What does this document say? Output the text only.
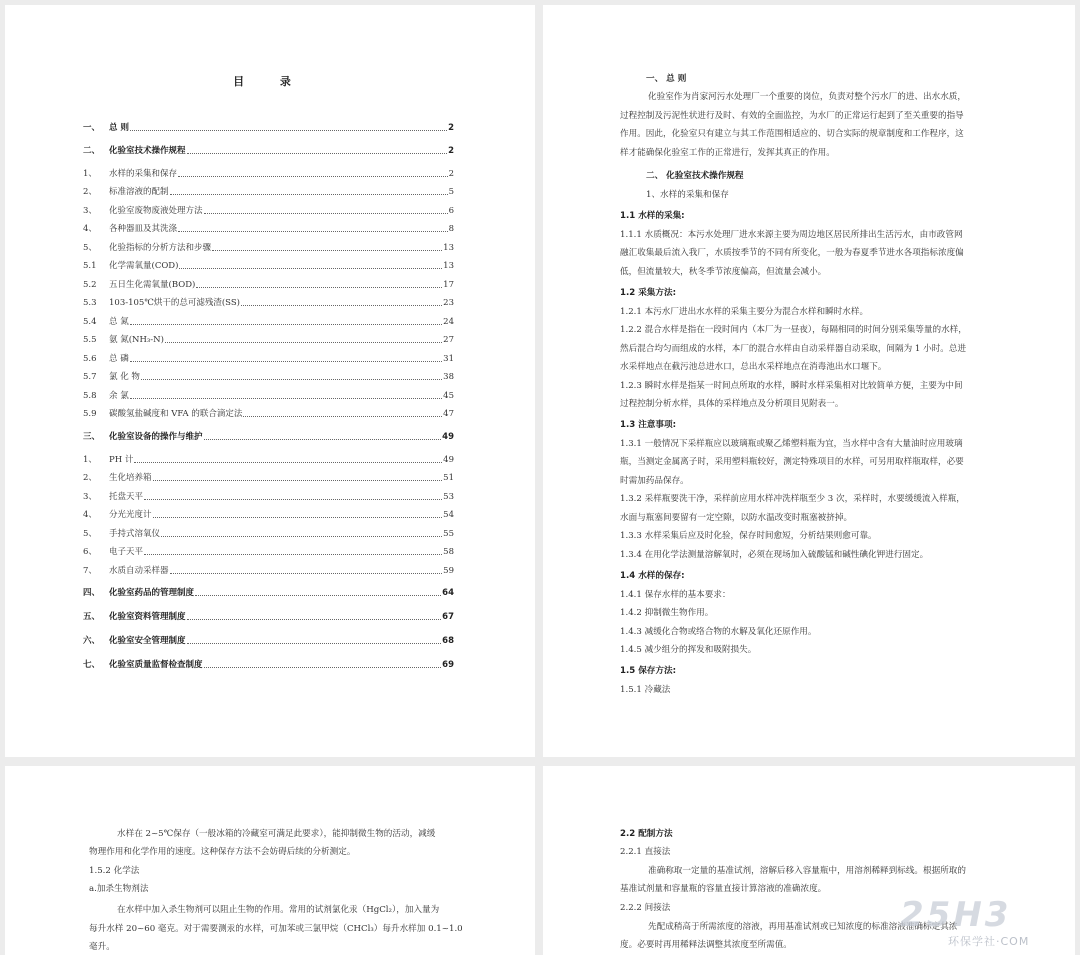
目 录
一、	总 则	2
二、	化验室技术操作规程	2
1、	水样的采集和保存	2
2、	标准溶液的配制	5
3、	化验室废物废液处理方法	6
4、	各种器皿及其洗涤	8
5、	化验指标的分析方法和步骤	13
5.1	化学需氧量(COD)	13
5.2	五日生化需氧量(BOD)	17
5.3	103-105℃烘干的总可滤残渣(SS)	23
5.4	总 氮	24
5.5	氨 氮(NH₃-N)	27
5.6	总 磷	31
5.7	氯 化 物	38
5.8	余 氯	45
5.9	碳酸氢盐碱度和 VFA 的联合滴定法	47
三、	化验室设备的操作与维护	49
1、	PH 计	49
2、	生化培养箱	51
3、	托盘天平	53
4、	分光光度计	54
5、	手持式溶氧仪	55
6、	电子天平	58
7、	水质自动采样器	59
四、	化验室药品的管理制度	64
五、	化验室资料管理制度	67
六、	化验室安全管理制度	68
七、	化验室质量监督检查制度	69
一、 总 则
化验室作为肖家河污水处理厂一个重要的岗位，负责对整个污水厂的进、出水水质，
过程控制及污泥性状进行及时、有效的全面监控，为水厂的正常运行起到了至关重要的指导
作用。因此，化验室只有建立与其工作范围相适应的、切合实际的规章制度和工作程序，这
样才能确保化验室工作的正常进行，发挥其真正的作用。
二、 化验室技术操作规程
1、水样的采集和保存
1.1 水样的采集:
1.1.1 水质概况：本污水处理厂进水来源主要为周边地区居民所排出生活污水，由市政管网
融汇收集最后流入我厂，水质按季节的不同有所变化，一般为春夏季节进水各项指标浓度偏
低，但流量较大，秋冬季节浓度偏高，但流量会减小。
1.2 采集方法:
1.2.1 本污水厂进出水水样的采集主要分为混合水样和瞬时水样。
1.2.2 混合水样是指在一段时间内（本厂为一昼夜），每隔相同的时间分别采集等量的水样，
然后混合均匀而组成的水样，本厂的混合水样由自动采样器自动采取，间隔为 1 小时。总进
水采样地点在截污池总进水口，总出水采样地点在消毒池出水口堰下。
1.2.3 瞬时水样是指某一时间点所取的水样，瞬时水样采集相对比较简单方便，主要为中间
过程控制分析水样，具体的采样地点及分析项目见附表一。
1.3 注意事项:
1.3.1 一般情况下采样瓶应以玻璃瓶或聚乙烯塑料瓶为宜，当水样中含有大量油时应用玻璃
瓶，当测定金属离子时，采用塑料瓶较好，测定特殊项目的水样，可另用取样瓶取样，必要
时需加药品保存。
1.3.2 采样瓶要洗干净，采样前应用水样冲洗样瓶至少 3 次，采样时，水要缓缓流入样瓶，
水面与瓶塞间要留有一定空隙，以防水温改变时瓶塞被挤掉。
1.3.3 水样采集后应及时化验，保存时间愈短，分析结果则愈可靠。
1.3.4 在用化学法测量溶解氧时，必须在现场加入硫酸锰和碱性碘化钾进行固定。
1.4 水样的保存:
1.4.1 保存水样的基本要求：
1.4.2 抑制微生物作用。
1.4.3 减缓化合物或络合物的水解及氧化还原作用。
1.4.5 减少组分的挥发和吸附损失。
1.5 保存方法:
1.5.1 冷藏法
水样在 2~5℃保存（一般冰箱的冷藏室可满足此要求），能抑制微生物的活动，减缓
物理作用和化学作用的速度。这种保存方法不会妨碍后续的分析测定。
1.5.2 化学法
a.加杀生物剂法
在水样中加入杀生物剂可以阻止生物的作用。常用的试剂氯化汞（HgCl₂），加入量为
每升水样 20~60 毫克。对于需要测汞的水样，可加苯或三氯甲烷（CHCl₃）每升水样加 0.1~1.0
毫升。
2.2 配制方法
2.2.1 直接法
准确称取一定量的基准试剂，溶解后移入容量瓶中，用溶剂稀释到标线。根据所取的
基准试剂量和容量瓶的容量直接计算溶液的准确浓度。
2.2.2 间接法
先配成稍高于所需浓度的溶液，再用基准试剂或已知浓度的标准溶液准确标定其浓
度。必要时再用稀释法调整其浓度至所需值。
25H3
环保学社·COM
